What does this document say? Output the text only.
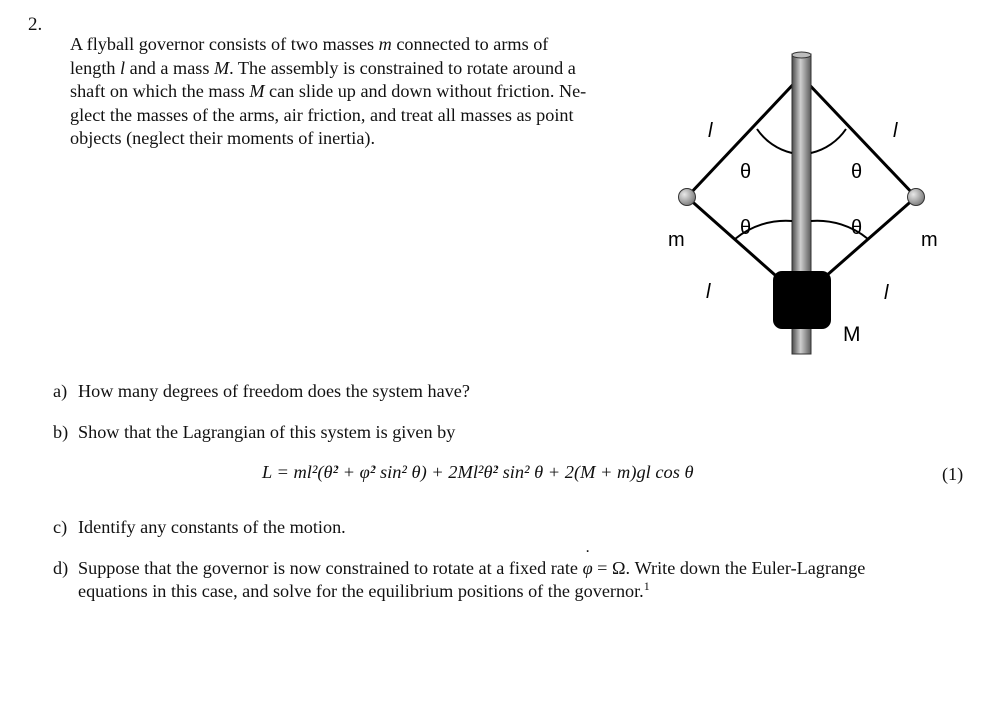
2.
A flyball governor consists of two masses m connected to arms of
length l and a mass M. The assembly is constrained to rotate around a
shaft on which the mass M can slide up and down without friction. Ne-
glect the masses of the arms, air friction, and treat all masses as point
objects (neglect their moments of inertia).	l	l
l	l
θ	θ
θ	θ
m	m
M
a) How many degrees of freedom does the system have?
b) Show that the Lagrangian of this system is given by
L = ml²(θ̇² + φ̇² sin² θ) + 2Ml²θ̇² sin² θ + 2(M + m)gl cos θ	(1)
c) Identify any constants of the motion.
d) Suppose that the governor is now constrained to rotate at a fixed rate ˙ φ = Ω. Write down the Euler-Lagrange
equations in this case, and solve for the equilibrium positions of the governor.$^1$
